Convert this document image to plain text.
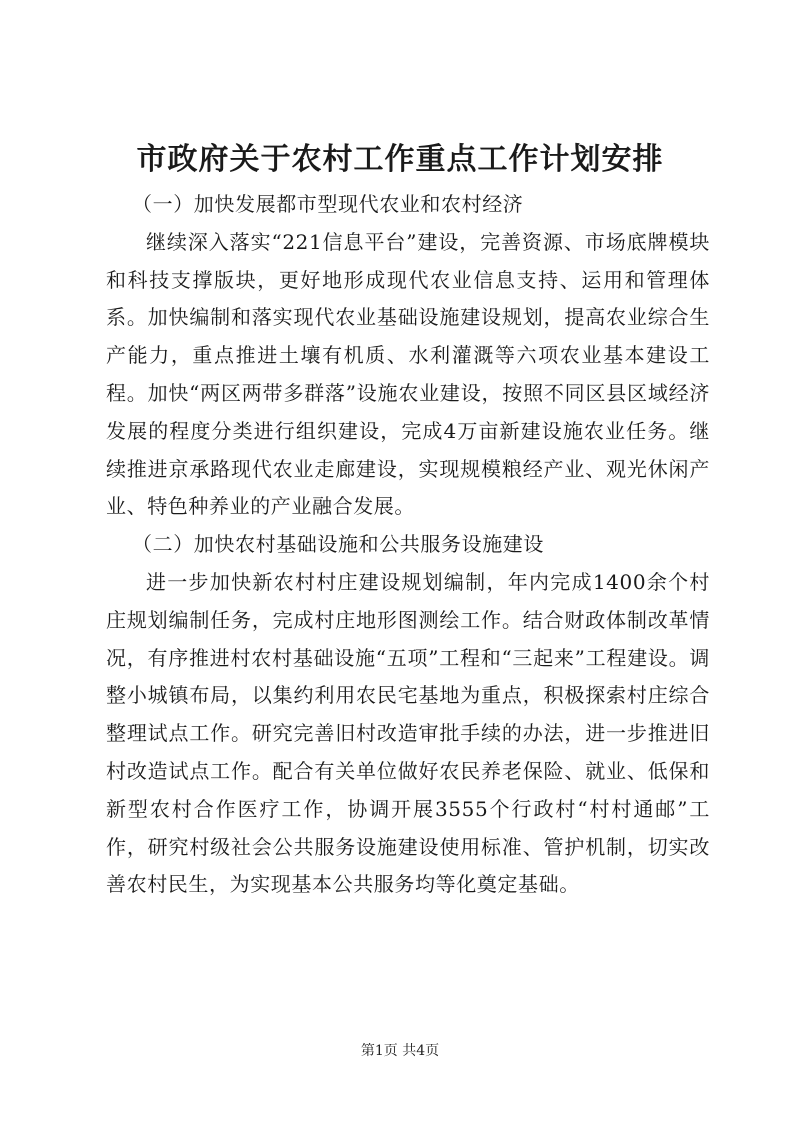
市政府关于农村工作重点工作计划安排

（一）加快发展都市型现代农业和农村经济

继续深入落实“221信息平台”建设，完善资源、市场底牌模块和科技支撑版块，更好地形成现代农业信息支持、运用和管理体系。加快编制和落实现代农业基础设施建设规划，提高农业综合生产能力，重点推进土壤有机质、水利灌溉等六项农业基本建设工程。加快“两区两带多群落”设施农业建设，按照不同区县区域经济发展的程度分类进行组织建设，完成4万亩新建设施农业任务。继续推进京承路现代农业走廊建设，实现规模粮经产业、观光休闲产业、特色种养业的产业融合发展。

（二）加快农村基础设施和公共服务设施建设

进一步加快新农村村庄建设规划编制，年内完成1400余个村庄规划编制任务，完成村庄地形图测绘工作。结合财政体制改革情况，有序推进村农村基础设施“五项”工程和“三起来”工程建设。调整小城镇布局，以集约利用农民宅基地为重点，积极探索村庄综合整理试点工作。研究完善旧村改造审批手续的办法，进一步推进旧村改造试点工作。配合有关单位做好农民养老保险、就业、低保和新型农村合作医疗工作，协调开展3555个行政村“村村通邮”工作，研究村级社会公共服务设施建设使用标准、管护机制，切实改善农村民生，为实现基本公共服务均等化奠定基础。

第1页 共4页
